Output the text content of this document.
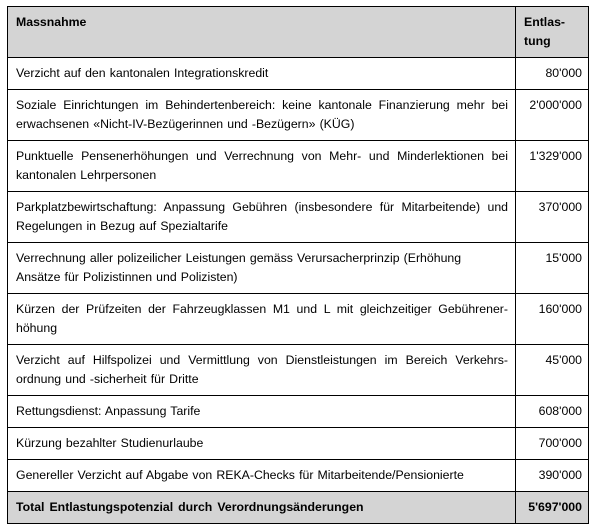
Massnahme	Entlas-
tung

Verzicht auf den kantonalen Integrationskredit	80'000

Soziale Einrichtungen im Behindertenbereich: keine kantonale Finanzierung mehr bei
erwachsenen «Nicht-IV-Bezügerinnen und -Bezügern» (KÜG)	2'000'000

Punktuelle Pensenerhöhungen und Verrechnung von Mehr- und Minderlektionen bei
kantonalen Lehrpersonen	1'329'000

Parkplatzbewirtschaftung: Anpassung Gebühren (insbesondere für Mitarbeitende) und
Regelungen in Bezug auf Spezialtarife	370'000

Verrechnung aller polizeilicher Leistungen gemäss Verursacherprinzip (Erhöhung
Ansätze für Polizistinnen und Polizisten)	15'000

Kürzen der Prüfzeiten der Fahrzeugklassen M1 und L mit gleichzeitiger Gebührener-
höhung	160'000

Verzicht auf Hilfspolizei und Vermittlung von Dienstleistungen im Bereich Verkehrs-
ordnung und -sicherheit für Dritte	45'000

Rettungsdienst: Anpassung Tarife	608'000

Kürzung bezahlter Studienurlaube	700'000

Genereller Verzicht auf Abgabe von REKA-Checks für Mitarbeitende/Pensionierte	390'000
Total Entlastungspotenzial durch Verordnungsänderungen	5'697'000
